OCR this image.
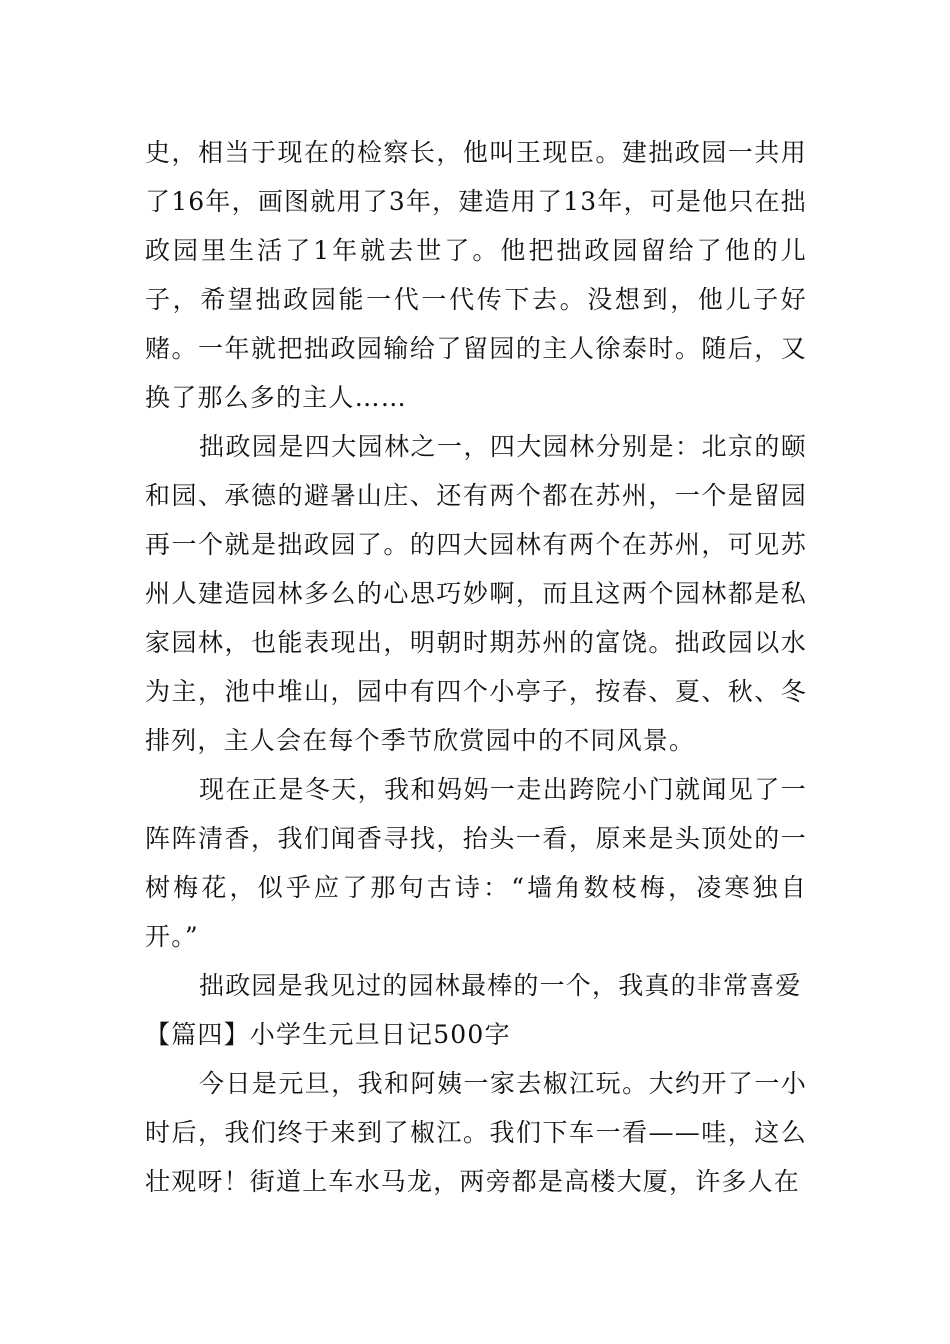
史，相当于现在的检察长，他叫王现臣。建拙政园一共用了16年，画图就用了3年，建造用了13年，可是他只在拙政园里生活了1年就去世了。他把拙政园留给了他的儿子，希望拙政园能一代一代传下去。没想到，他儿子好赌。一年就把拙政园输给了留园的主人徐泰时。随后，又换了那么多的主人……

拙政园是四大园林之一，四大园林分别是：北京的颐和园、承德的避暑山庄、还有两个都在苏州，一个是留园再一个就是拙政园了。的四大园林有两个在苏州，可见苏州人建造园林多么的心思巧妙啊，而且这两个园林都是私家园林，也能表现出，明朝时期苏州的富饶。拙政园以水为主，池中堆山，园中有四个小亭子，按春、夏、秋、冬排列，主人会在每个季节欣赏园中的不同风景。

现在正是冬天，我和妈妈一走出跨院小门就闻见了一阵阵清香，我们闻香寻找，抬头一看，原来是头顶处的一树梅花，似乎应了那句古诗：“墙角数枝梅，凌寒独自开。”

拙政园是我见过的园林最棒的一个，我真的非常喜爱

【篇四】小学生元旦日记500字

今日是元旦，我和阿姨一家去椒江玩。大约开了一小时后，我们终于来到了椒江。我们下车一看——哇，这么壮观呀！街道上车水马龙，两旁都是高楼大厦，许多人在
